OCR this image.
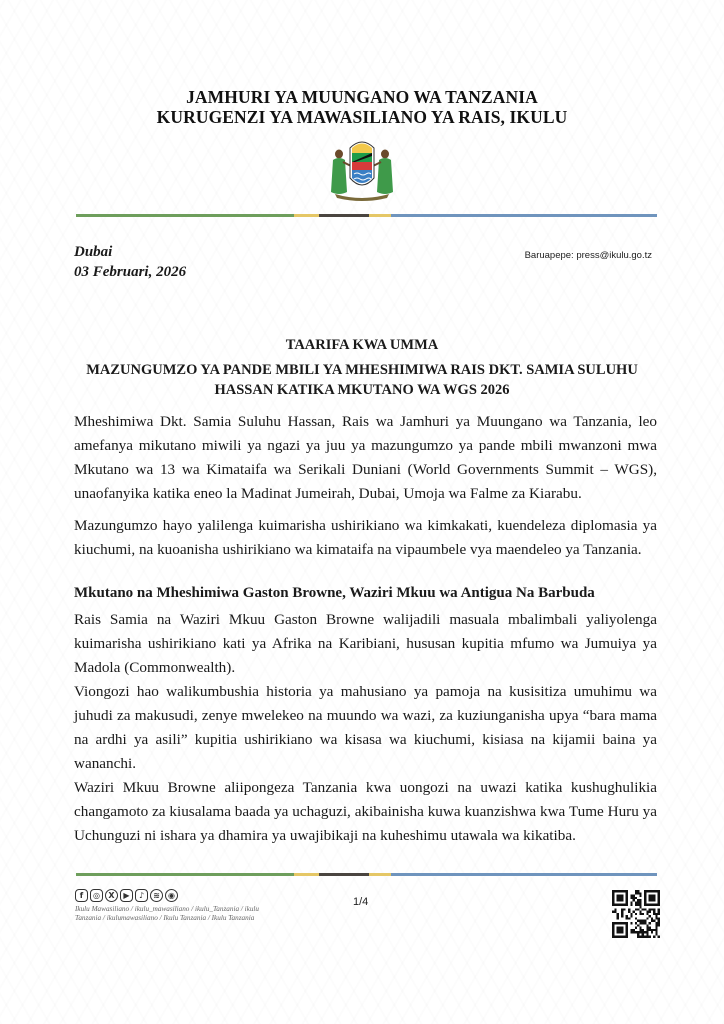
JAMHURI YA MUUNGANO WA TANZANIA
KURUGENZI YA MAWASILIANO YA RAIS, IKULU
Dubai
03 Februari, 2026
Baruapepe: press@ikulu.go.tz
TAARIFA KWA UMMA
MAZUNGUMZO YA PANDE MBILI YA MHESHIMIWA RAIS DKT. SAMIA SULUHU HASSAN KATIKA MKUTANO WA WGS 2026

Mheshimiwa Dkt. Samia Suluhu Hassan, Rais wa Jamhuri ya Muungano wa Tanzania, leo amefanya mikutano miwili ya ngazi ya juu ya mazungumzo ya pande mbili mwanzoni mwa Mkutano wa 13 wa Kimataifa wa Serikali Duniani (World Governments Summit – WGS), unaofanyika katika eneo la Madinat Jumeirah, Dubai, Umoja wa Falme za Kiarabu.

Mazungumzo hayo yalilenga kuimarisha ushirikiano wa kimkakati, kuendeleza diplomasia ya kiuchumi, na kuoanisha ushirikiano wa kimataifa na vipaumbele vya maendeleo ya Tanzania.

Mkutano na Mheshimiwa Gaston Browne, Waziri Mkuu wa Antigua Na Barbuda

Rais Samia na Waziri Mkuu Gaston Browne walijadili masuala mbalimbali yaliyolenga kuimarisha ushirikiano kati ya Afrika na Karibiani, hususan kupitia mfumo wa Jumuiya ya Madola (Commonwealth).

Viongozi hao walikumbushia historia ya mahusiano ya pamoja na kusisitiza umuhimu wa juhudi za makusudi, zenye mwelekeo na muundo wa wazi, za kuziunganisha upya “bara mama na ardhi ya asili” kupitia ushirikiano wa kisasa wa kiuchumi, kisiasa na kijamii baina ya wananchi.

Waziri Mkuu Browne aliipongeza Tanzania kwa uongozi na uwazi katika kushughulikia changamoto za kiusalama baada ya uchaguzi, akibainisha kuwa kuanzishwa kwa Tume Huru ya Uchunguzi ni ishara ya dhamira ya uwajibikaji na kuheshimu utawala wa kikatiba.

f	◎	X	▶	♪	≋	◉
Ikulu Mawasiliano / ikulu_mawasiliano / ikulu_Tanzania / ikulu Tanzania / ikulumawasiliano / Ikulu Tanzania / Ikulu Tanzania
1/4
